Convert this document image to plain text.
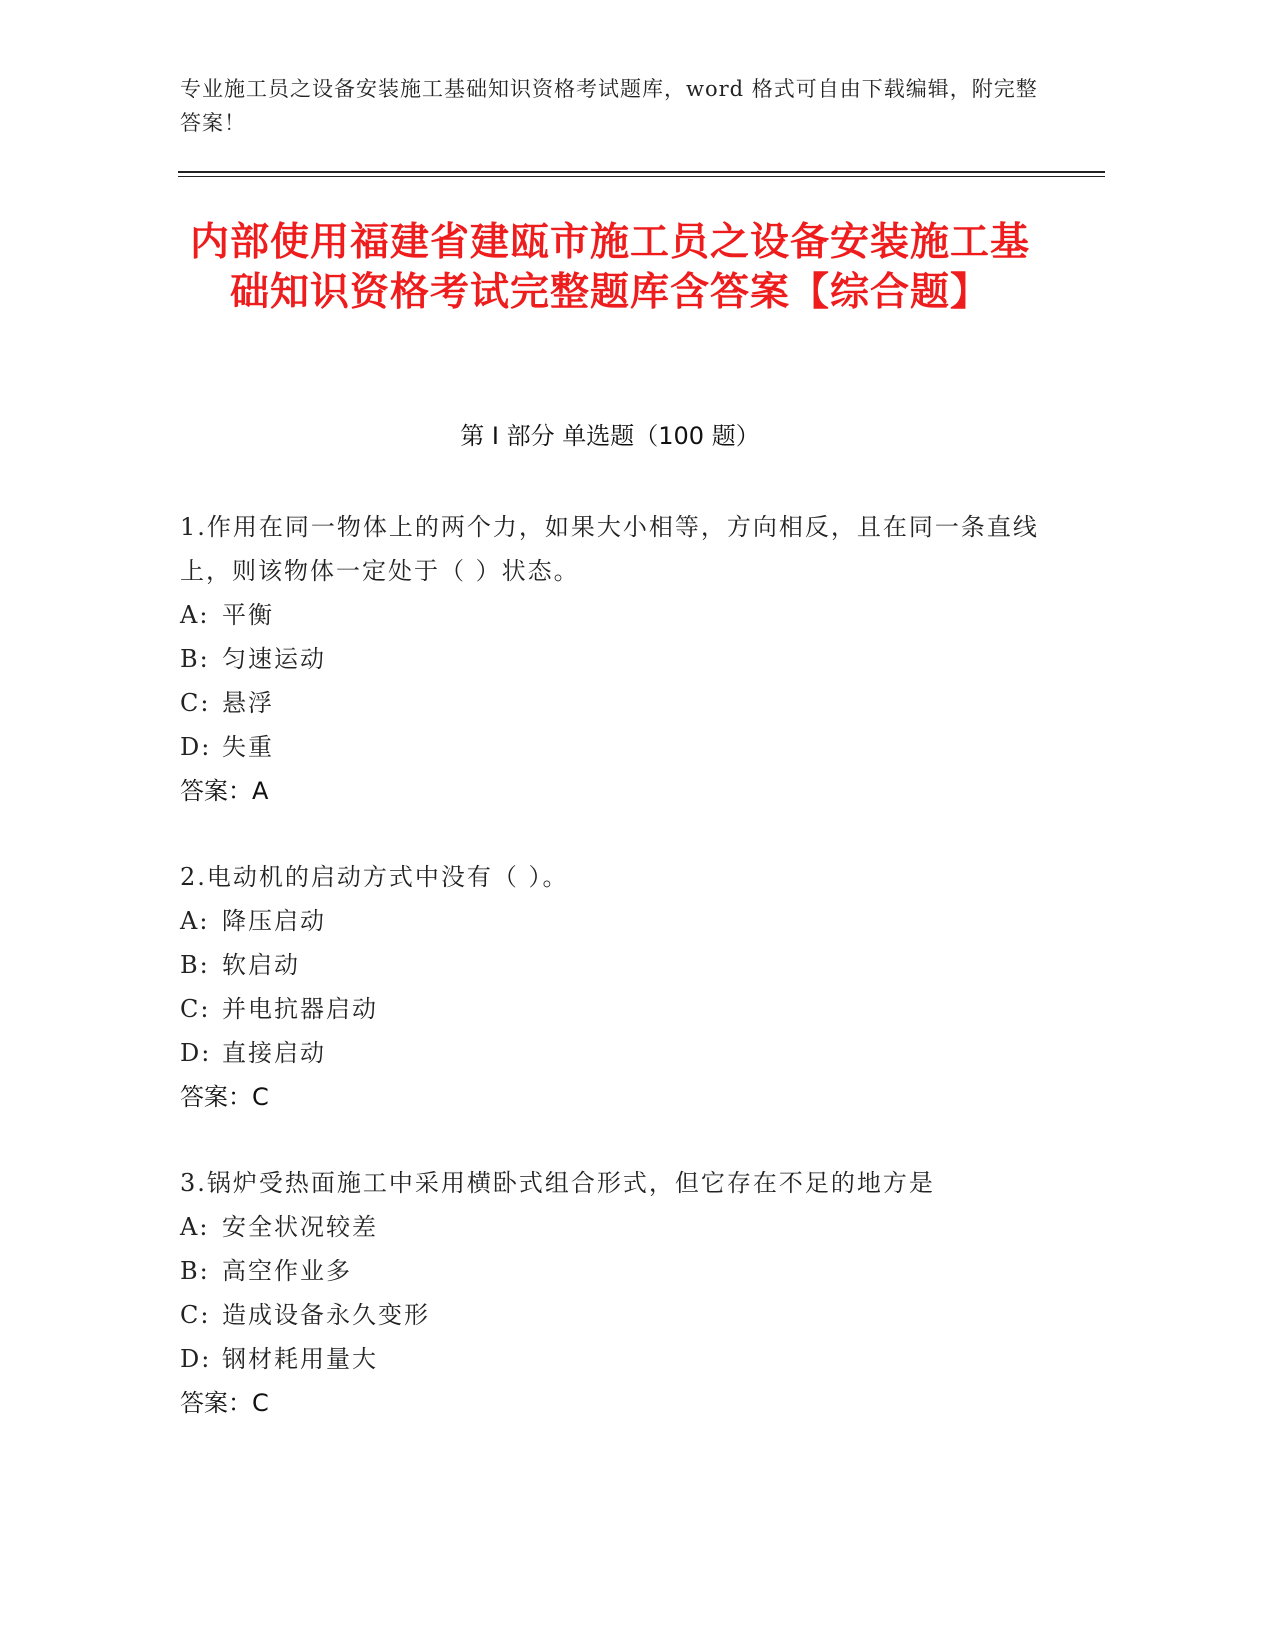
专业施工员之设备安装施工基础知识资格考试题库，word 格式可自由下载编辑，附完整答案！
内部使用福建省建瓯市施工员之设备安装施工基础知识资格考试完整题库含答案【综合题】
第 I 部分 单选题（100 题）
1.作用在同一物体上的两个力，如果大小相等，方向相反，且在同一条直线上，则该物体一定处于（ ）状态。
A: 平衡
B: 匀速运动
C: 悬浮
D: 失重
答案：A
2.电动机的启动方式中没有（ ）。
A: 降压启动
B: 软启动
C: 并电抗器启动
D: 直接启动
答案：C
3.锅炉受热面施工中采用横卧式组合形式，但它存在不足的地方是
A: 安全状况较差
B: 高空作业多
C: 造成设备永久变形
D: 钢材耗用量大
答案：C
